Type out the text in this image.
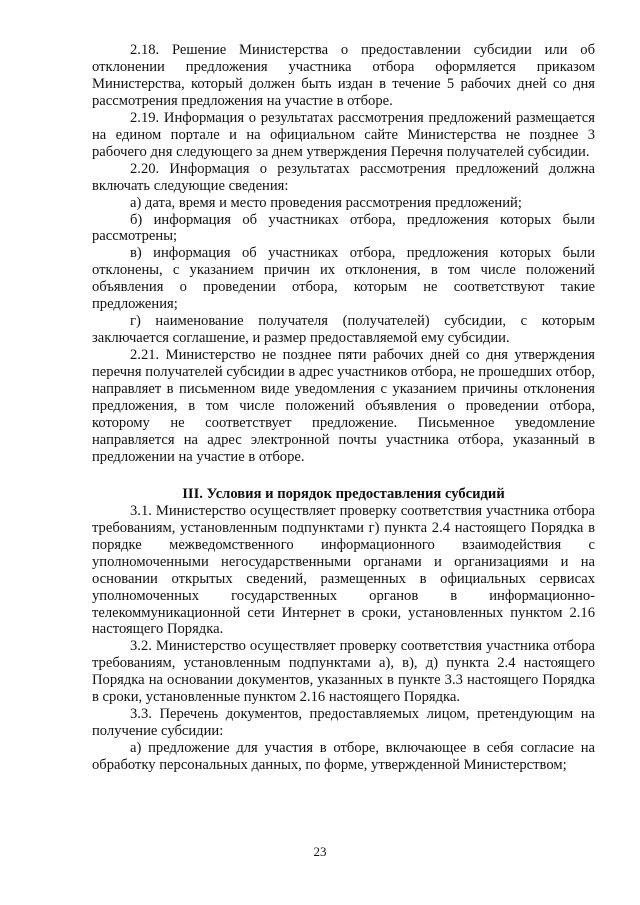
2.18. Решение Министерства о предоставлении субсидии или об отклонении предложения участника отбора оформляется приказом Министерства, который должен быть издан в течение 5 рабочих дней со дня рассмотрения предложения на участие в отборе.

2.19. Информация о результатах рассмотрения предложений размещается на едином портале и на официальном сайте Министерства не позднее 3 рабочего дня следующего за днем утверждения Перечня получателей субсидии.

2.20. Информация о результатах рассмотрения предложений должна включать следующие сведения:

а) дата, время и место проведения рассмотрения предложений;

б) информация об участниках отбора, предложения которых были рассмотрены;

в) информация об участниках отбора, предложения которых были отклонены, с указанием причин их отклонения, в том числе положений объявления о проведении отбора, которым не соответствуют такие предложения;

г) наименование получателя (получателей) субсидии, с которым заключается соглашение, и размер предоставляемой ему субсидии.

2.21. Министерство не позднее пяти рабочих дней со дня утверждения перечня получателей субсидии в адрес участников отбора, не прошедших отбор, направляет в письменном виде уведомления с указанием причины отклонения предложения, в том числе положений объявления о проведении отбора, которому не соответствует предложение. Письменное уведомление направляется на адрес электронной почты участника отбора, указанный в предложении на участие в отборе.

III. Условия и порядок предоставления субсидий

3.1. Министерство осуществляет проверку соответствия участника отбора требованиям, установленным подпунктами г) пункта 2.4 настоящего Порядка в порядке межведомственного информационного взаимодействия с уполномоченными негосударственными органами и организациями и на основании открытых сведений, размещенных в официальных сервисах уполномоченных государственных органов в информационно-телекоммуникационной сети Интернет в сроки, установленных пунктом 2.16 настоящего Порядка.

3.2. Министерство осуществляет проверку соответствия участника отбора требованиям, установленным подпунктами а), в), д) пункта 2.4 настоящего Порядка на основании документов, указанных в пункте 3.3 настоящего Порядка в сроки, установленные пунктом 2.16 настоящего Порядка.

3.3. Перечень документов, предоставляемых лицом, претендующим на получение субсидии:

а) предложение для участия в отборе, включающее в себя согласие на обработку персональных данных, по форме, утвержденной Министерством;

23
